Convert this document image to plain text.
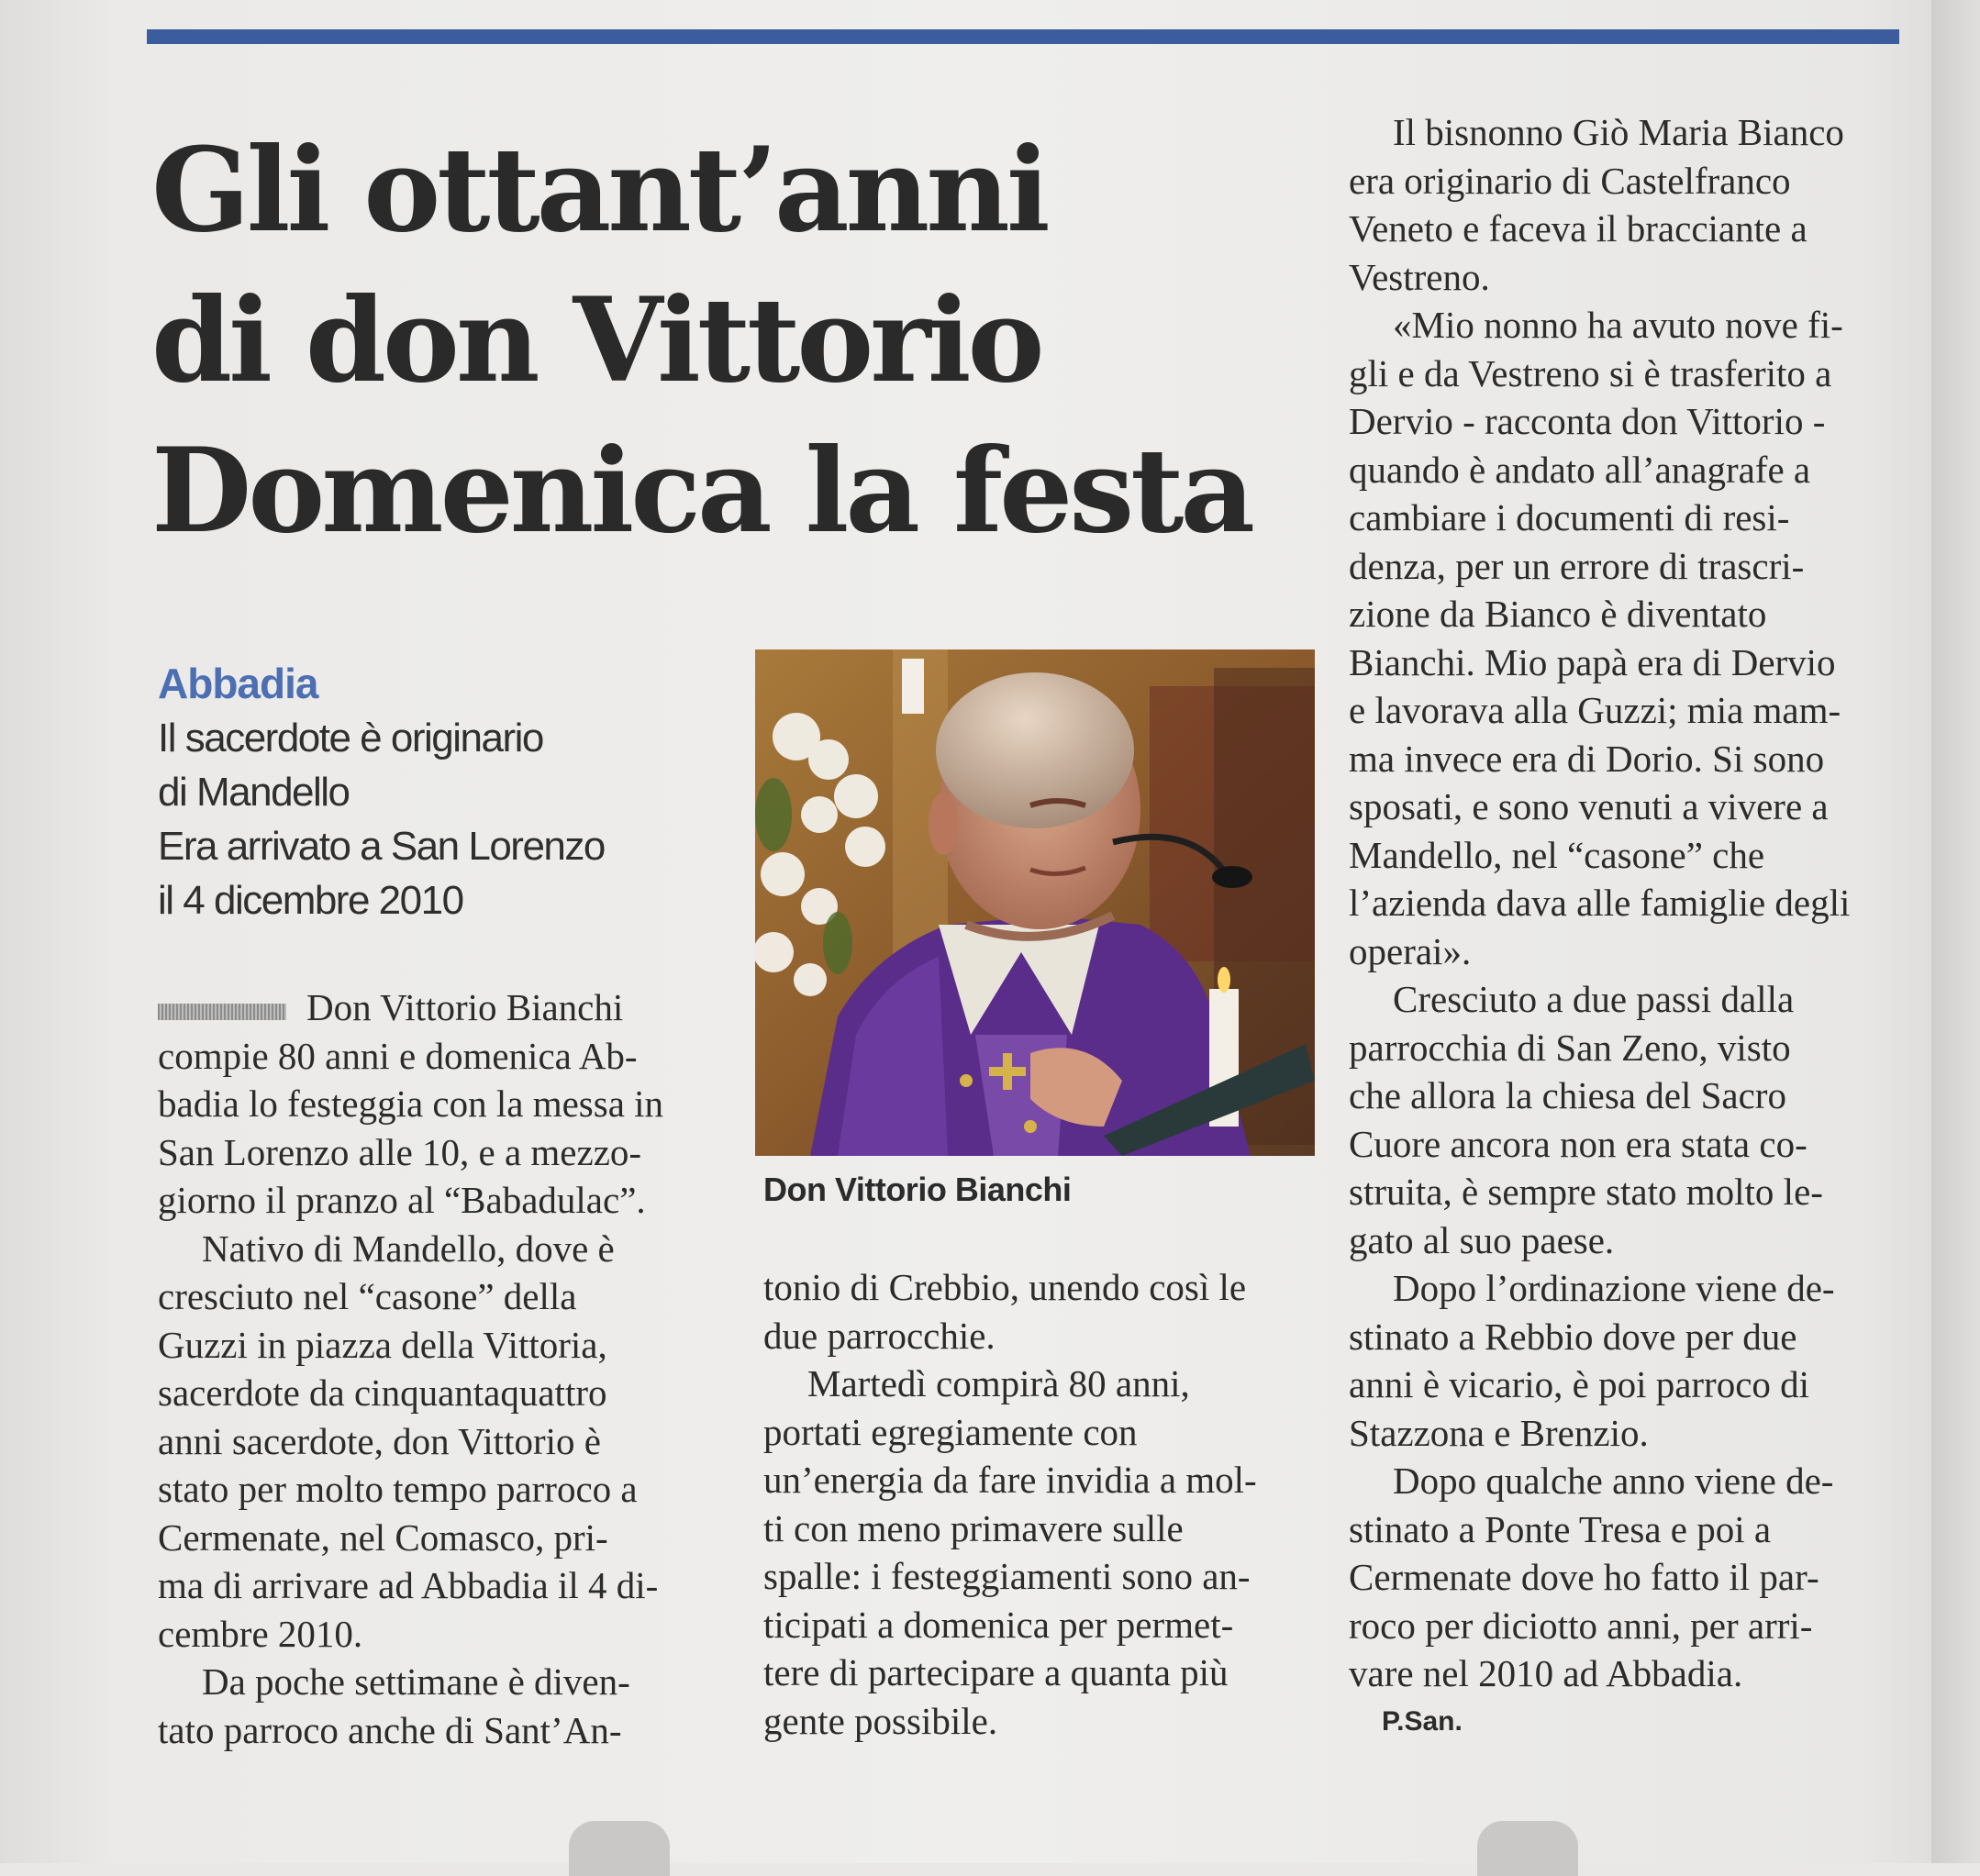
Gli ottant’anni
di don Vittorio
Domenica la festa

Abbadia

Il sacerdote è originario
di Mandello
Era arrivato a San Lorenzo
il 4 dicembre 2010

Don Vittorio Bianchi
compie 80 anni e domenica Ab-
badia lo festeggia con la messa in
San Lorenzo alle 10, e a mezzo-
giorno il pranzo al “Babadulac”.
Nativo di Mandello, dove è
cresciuto nel “casone” della
Guzzi in piazza della Vittoria,
sacerdote da cinquantaquattro
anni sacerdote, don Vittorio è
stato per molto tempo parroco a
Cermenate, nel Comasco, pri-
ma di arrivare ad Abbadia il 4 di-
cembre 2010.
Da poche settimane è diven-
tato parroco anche di Sant’An-

Don Vittorio Bianchi

tonio di Crebbio, unendo così le
due parrocchie.
Martedì compirà 80 anni,
portati egregiamente con
un’energia da fare invidia a mol-
ti con meno primavere sulle
spalle: i festeggiamenti sono an-
ticipati a domenica per permet-
tere di partecipare a quanta più
gente possibile.
Il bisnonno Giò Maria Bianco
era originario di Castelfranco
Veneto e faceva il bracciante a
Vestreno.
«Mio nonno ha avuto nove fi-
gli e da Vestreno si è trasferito a
Dervio - racconta don Vittorio -
quando è andato all’anagrafe a
cambiare i documenti di resi-
denza, per un errore di trascri-
zione da Bianco è diventato
Bianchi. Mio papà era di Dervio
e lavorava alla Guzzi; mia mam-
ma invece era di Dorio. Si sono
sposati, e sono venuti a vivere a
Mandello, nel “casone” che
l’azienda dava alle famiglie degli
operai».
Cresciuto a due passi dalla
parrocchia di San Zeno, visto
che allora la chiesa del Sacro
Cuore ancora non era stata co-
struita, è sempre stato molto le-
gato al suo paese.
Dopo l’ordinazione viene de-
stinato a Rebbio dove per due
anni è vicario, è poi parroco di
Stazzona e Brenzio.
Dopo qualche anno viene de-
stinato a Ponte Tresa e poi a
Cermenate dove ho fatto il par-
roco per diciotto anni, per arri-
vare nel 2010 ad Abbadia.

P.San.
